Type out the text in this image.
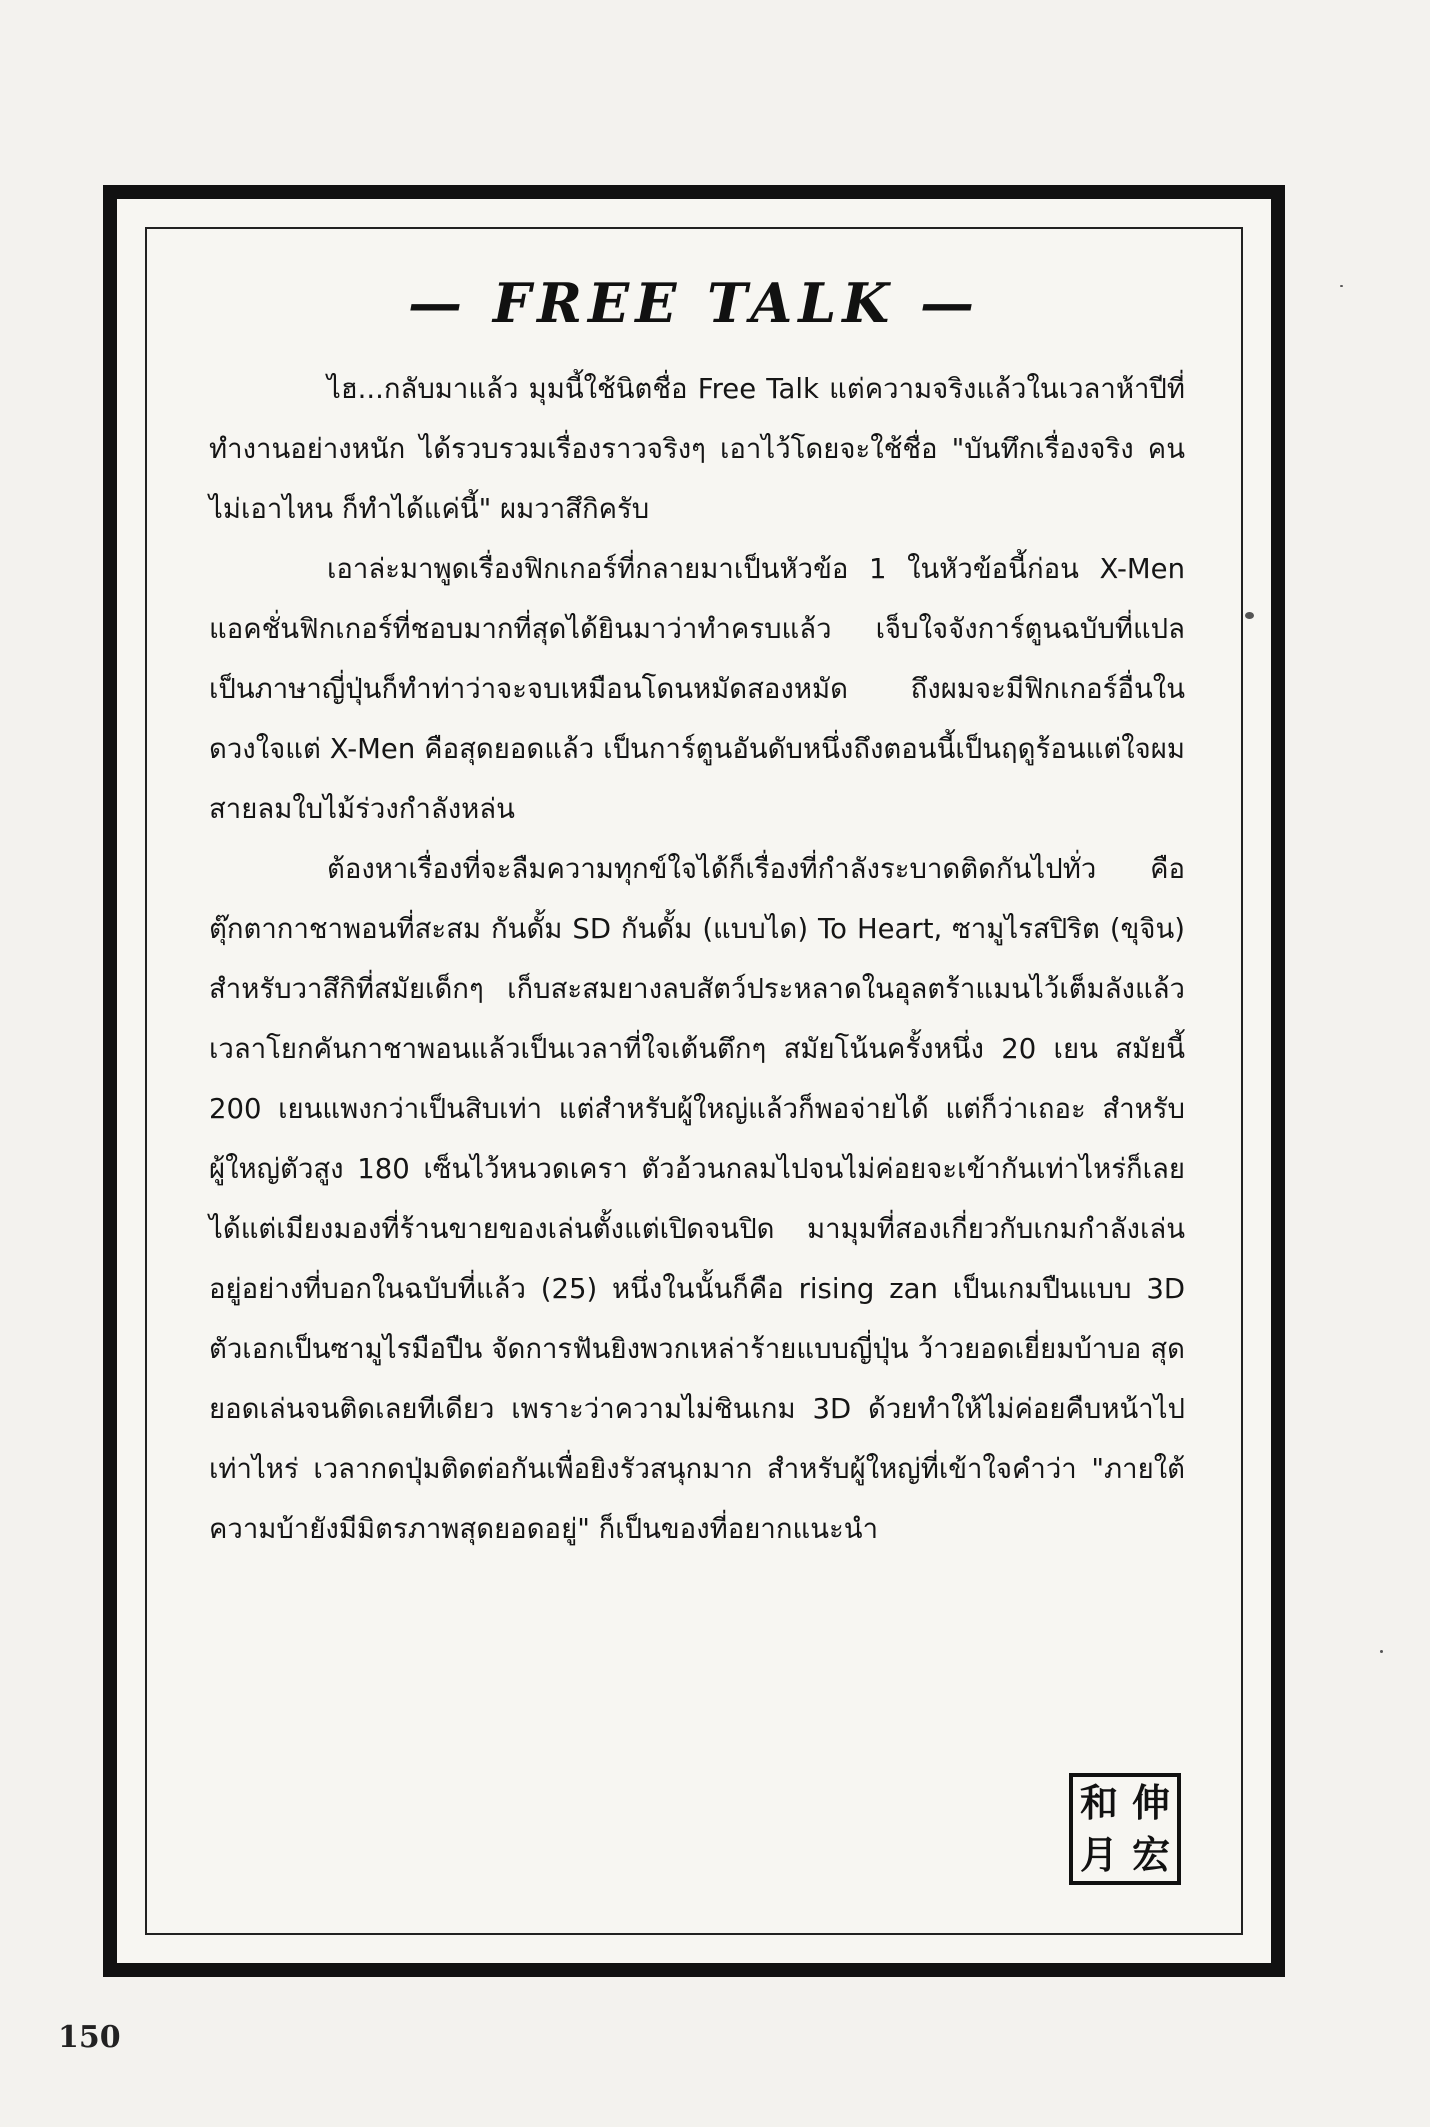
— FREE TALK —

ไฮ...กลับมาแล้ว มุมนี้ใช้นิตชื่อ Free Talk แต่ความจริงแล้วในเวลาห้าปีที่ทำงานอย่างหนัก ได้รวบรวมเรื่องราวจริงๆ เอาไว้โดยจะใช้ชื่อ "บันทึกเรื่องจริง คนไม่เอาไหน ก็ทำได้แค่นี้" ผมวาสึกิครับ

เอาล่ะมาพูดเรื่องฟิกเกอร์ที่กลายมาเป็นหัวข้อ 1 ในหัวข้อนี้ก่อน X-Men แอคชั่นฟิกเกอร์ที่ชอบมากที่สุดได้ยินมาว่าทำครบแล้ว เจ็บใจจังการ์ตูนฉบับที่แปลเป็นภาษาญี่ปุ่นก็ทำท่าว่าจะจบเหมือนโดนหมัดสองหมัด ถึงผมจะมีฟิกเกอร์อื่นในดวงใจแต่ X-Men คือสุดยอดแล้ว เป็นการ์ตูนอันดับหนึ่งถึงตอนนี้เป็นฤดูร้อนแต่ใจผมสายลมใบไม้ร่วงกำลังหล่น

ต้องหาเรื่องที่จะลืมความทุกข์ใจได้ก็เรื่องที่กำลังระบาดติดกันไปทั่ว คือตุ๊กตากาชาพอนที่สะสม กันดั้ม SD กันดั้ม (แบบได) To Heart, ซามูไรสปิริต (ขุจิน) สำหรับวาสึกิที่สมัยเด็กๆ เก็บสะสมยางลบสัตว์ประหลาดในอุลตร้าแมนไว้เต็มลังแล้ว เวลาโยกคันกาชาพอนแล้วเป็นเวลาที่ใจเต้นตึกๆ สมัยโน้นครั้งหนึ่ง 20 เยน สมัยนี้ 200 เยนแพงกว่าเป็นสิบเท่า แต่สำหรับผู้ใหญ่แล้วก็พอจ่ายได้ แต่ก็ว่าเถอะ สำหรับผู้ใหญ่ตัวสูง 180 เซ็นไว้หนวดเครา ตัวอ้วนกลมไปจนไม่ค่อยจะเข้ากันเท่าไหร่ก็เลยได้แต่เมียงมองที่ร้านขายของเล่นตั้งแต่เปิดจนปิด มามุมที่สองเกี่ยวกับเกมกำลังเล่นอยู่อย่างที่บอกในฉบับที่แล้ว (25) หนึ่งในนั้นก็คือ rising zan เป็นเกมปืนแบบ 3D ตัวเอกเป็นซามูไรมือปืน จัดการฟันยิงพวกเหล่าร้ายแบบญี่ปุ่น ว้าวยอดเยี่ยมบ้าบอ สุดยอดเล่นจนติดเลยทีเดียว เพราะว่าความไม่ชินเกม 3D ด้วยทำให้ไม่ค่อยคืบหน้าไปเท่าไหร่ เวลากดปุ่มติดต่อกันเพื่อยิงรัวสนุกมาก สำหรับผู้ใหญ่ที่เข้าใจคำว่า "ภายใต้ความบ้ายังมีมิตรภาพสุดยอดอยู่" ก็เป็นของที่อยากแนะนำ

和 伸
月 宏
150
